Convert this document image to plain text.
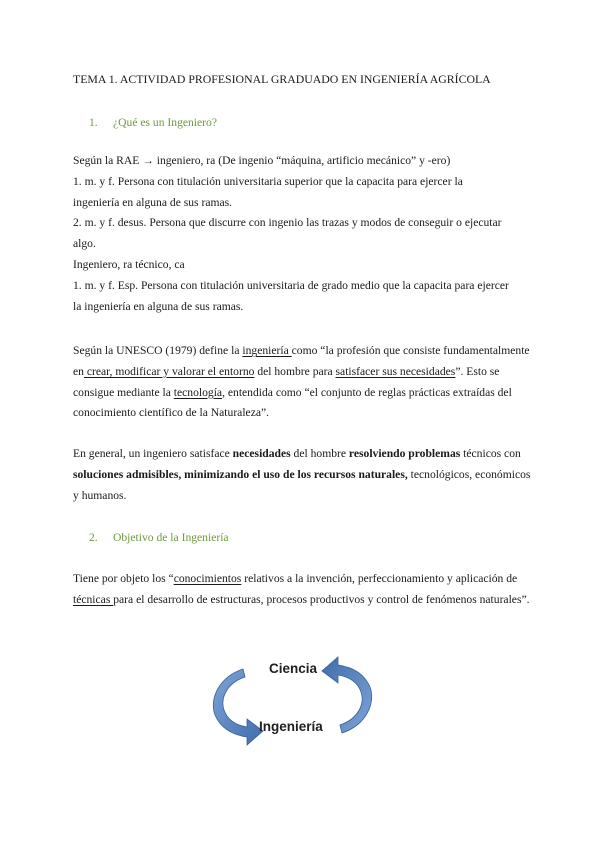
TEMA 1. ACTIVIDAD PROFESIONAL GRADUADO EN INGENIERÍA AGRÍCOLA
1. ¿Qué es un Ingeniero?
Según la RAE → ingeniero, ra (De ingenio “máquina, artificio mecánico” y -ero)
1. m. y f. Persona con titulación universitaria superior que la capacita para ejercer la
ingeniería en alguna de sus ramas.
2. m. y f. desus. Persona que discurre con ingenio las trazas y modos de conseguir o ejecutar
algo.
Ingeniero, ra técnico, ca
1. m. y f. Esp. Persona con titulación universitaria de grado medio que la capacita para ejercer
la ingeniería en alguna de sus ramas.
Según la UNESCO (1979) define la ingeniería como “la profesión que consiste fundamentalmente en crear, modificar y valorar el entorno del hombre para satisfacer sus necesidades”. Esto se consigue mediante la tecnología, entendida como “el conjunto de reglas prácticas extraídas del conocimiento científico de la Naturaleza”.
En general, un ingeniero satisface necesidades del hombre resolviendo problemas técnicos con soluciones admisibles, minimizando el uso de los recursos naturales, tecnológicos, económicos y humanos.
2. Objetivo de la Ingeniería
Tiene por objeto los “conocimientos relativos a la invención, perfeccionamiento y aplicación de técnicas para el desarrollo de estructuras, procesos productivos y control de fenómenos naturales”.
Ciencia
Ingeniería
